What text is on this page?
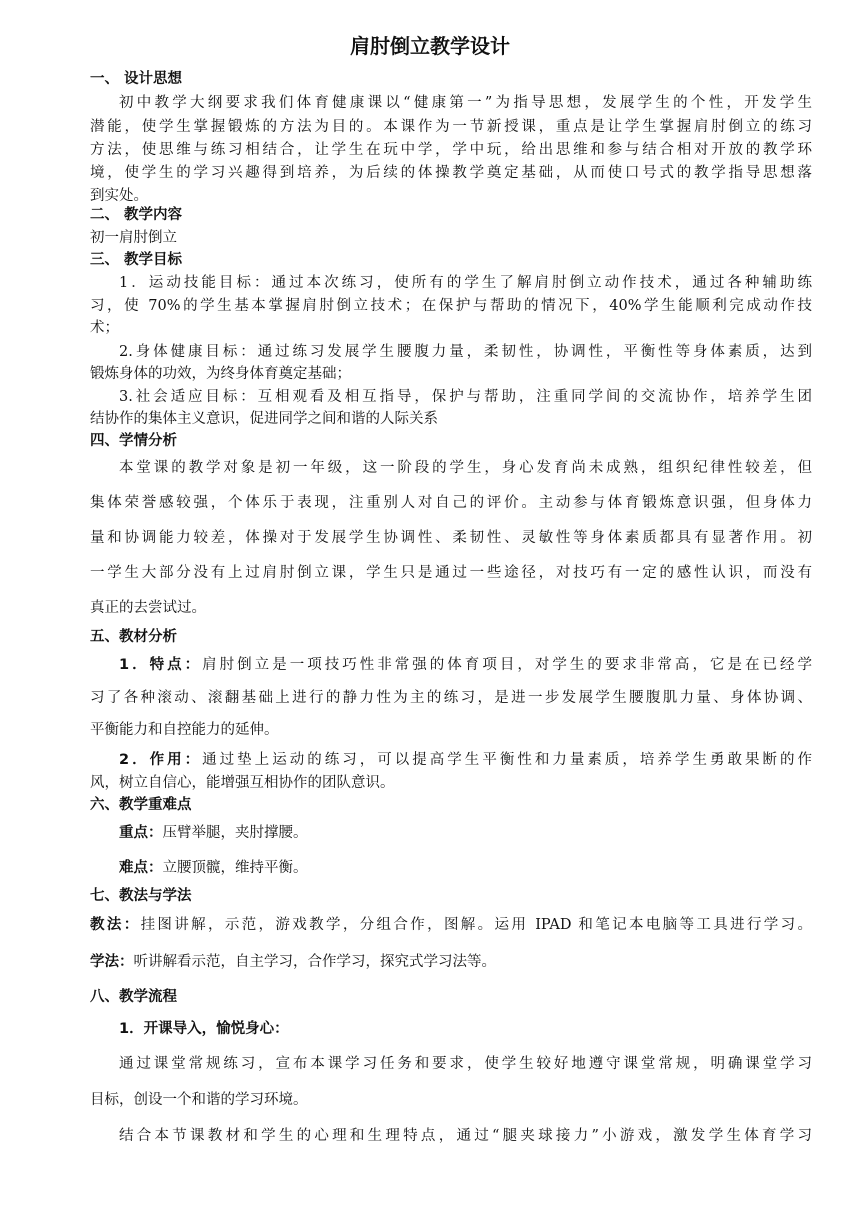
肩肘倒立教学设计
一、 设计思想
初中教学大纲要求我们体育健康课以“健康第一”为指导思想，发展学生的个性，开发学生
潜能，使学生掌握锻炼的方法为目的。本课作为一节新授课，重点是让学生掌握肩肘倒立的练习
方法，使思维与练习相结合，让学生在玩中学，学中玩，给出思维和参与结合相对开放的教学环
境，使学生的学习兴趣得到培养，为后续的体操教学奠定基础，从而使口号式的教学指导思想落
到实处。
二、 教学内容
初一肩肘倒立
三、 教学目标
1．运动技能目标：通过本次练习，使所有的学生了解肩肘倒立动作技术，通过各种辅助练
习，使 70%的学生基本掌握肩肘倒立技术；在保护与帮助的情况下，40%学生能顺利完成动作技
术；
2.身体健康目标：通过练习发展学生腰腹力量，柔韧性，协调性，平衡性等身体素质，达到
锻炼身体的功效，为终身体育奠定基础；
3.社会适应目标：互相观看及相互指导，保护与帮助，注重同学间的交流协作，培养学生团
结协作的集体主义意识，促进同学之间和谐的人际关系
四、学情分析
本堂课的教学对象是初一年级，这一阶段的学生，身心发育尚未成熟，组织纪律性较差，但
集体荣誉感较强，个体乐于表现，注重别人对自己的评价。主动参与体育锻炼意识强，但身体力
量和协调能力较差，体操对于发展学生协调性、柔韧性、灵敏性等身体素质都具有显著作用。初
一学生大部分没有上过肩肘倒立课，学生只是通过一些途径，对技巧有一定的感性认识，而没有
真正的去尝试过。
五、教材分析
1．特点：肩肘倒立是一项技巧性非常强的体育项目，对学生的要求非常高，它是在已经学
习了各种滚动、滚翻基础上进行的静力性为主的练习，是进一步发展学生腰腹肌力量、身体协调、
平衡能力和自控能力的延伸。
2．作用：通过垫上运动的练习，可以提高学生平衡性和力量素质，培养学生勇敢果断的作
风，树立自信心，能增强互相协作的团队意识。
六、教学重难点
重点：压臂举腿，夹肘撑腰。
难点：立腰顶髋，维持平衡。
七、教法与学法
教法：挂图讲解，示范，游戏教学，分组合作，图解。运用 IPAD 和笔记本电脑等工具进行学习。
学法：听讲解看示范，自主学习，合作学习，探究式学习法等。
八、教学流程
1．开课导入，愉悦身心：
通过课堂常规练习，宣布本课学习任务和要求，使学生较好地遵守课堂常规，明确课堂学习
目标，创设一个和谐的学习环境。
结合本节课教材和学生的心理和生理特点，通过“腿夹球接力”小游戏，激发学生体育学习
